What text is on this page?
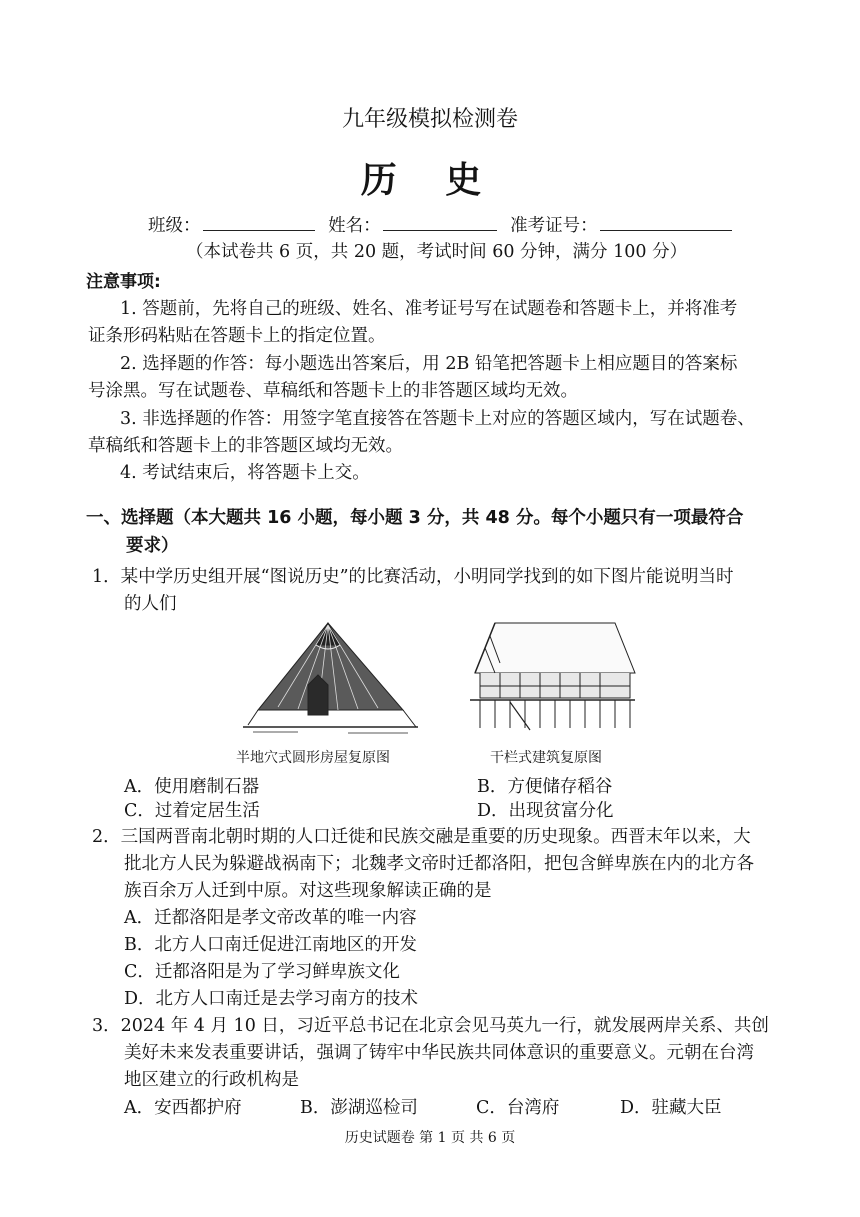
九年级模拟检测卷
历 史
班级：	姓名：	准考证号：
（本试卷共 6 页，共 20 题，考试时间 60 分钟，满分 100 分）
注意事项:
1. 答题前，先将自己的班级、姓名、准考证号写在试题卷和答题卡上，并将准考
证条形码粘贴在答题卡上的指定位置。
2. 选择题的作答：每小题选出答案后，用 2B 铅笔把答题卡上相应题目的答案标
号涂黑。写在试题卷、草稿纸和答题卡上的非答题区域均无效。
3. 非选择题的作答：用签字笔直接答在答题卡上对应的答题区域内，写在试题卷、
草稿纸和答题卡上的非答题区域均无效。
4. 考试结束后，将答题卡上交。
一、选择题（本大题共 16 小题，每小题 3 分，共 48 分。每个小题只有一项最符合
要求）
1．某中学历史组开展“图说历史”的比赛活动，小明同学找到的如下图片能说明当时
的人们
半地穴式圆形房屋复原图	干栏式建筑复原图
A．使用磨制石器	B．方便储存稻谷
C．过着定居生活	D．出现贫富分化
2．三国两晋南北朝时期的人口迁徙和民族交融是重要的历史现象。西晋末年以来，大
批北方人民为躲避战祸南下；北魏孝文帝时迁都洛阳，把包含鲜卑族在内的北方各
族百余万人迁到中原。对这些现象解读正确的是
A．迁都洛阳是孝文帝改革的唯一内容
B．北方人口南迁促进江南地区的开发
C．迁都洛阳是为了学习鲜卑族文化
D．北方人口南迁是去学习南方的技术
3．2024 年 4 月 10 日，习近平总书记在北京会见马英九一行，就发展两岸关系、共创
美好未来发表重要讲话，强调了铸牢中华民族共同体意识的重要意义。元朝在台湾
地区建立的行政机构是
A．安西都护府	B．澎湖巡检司	C．台湾府	D．驻藏大臣
历史试题卷 第 1 页 共 6 页
